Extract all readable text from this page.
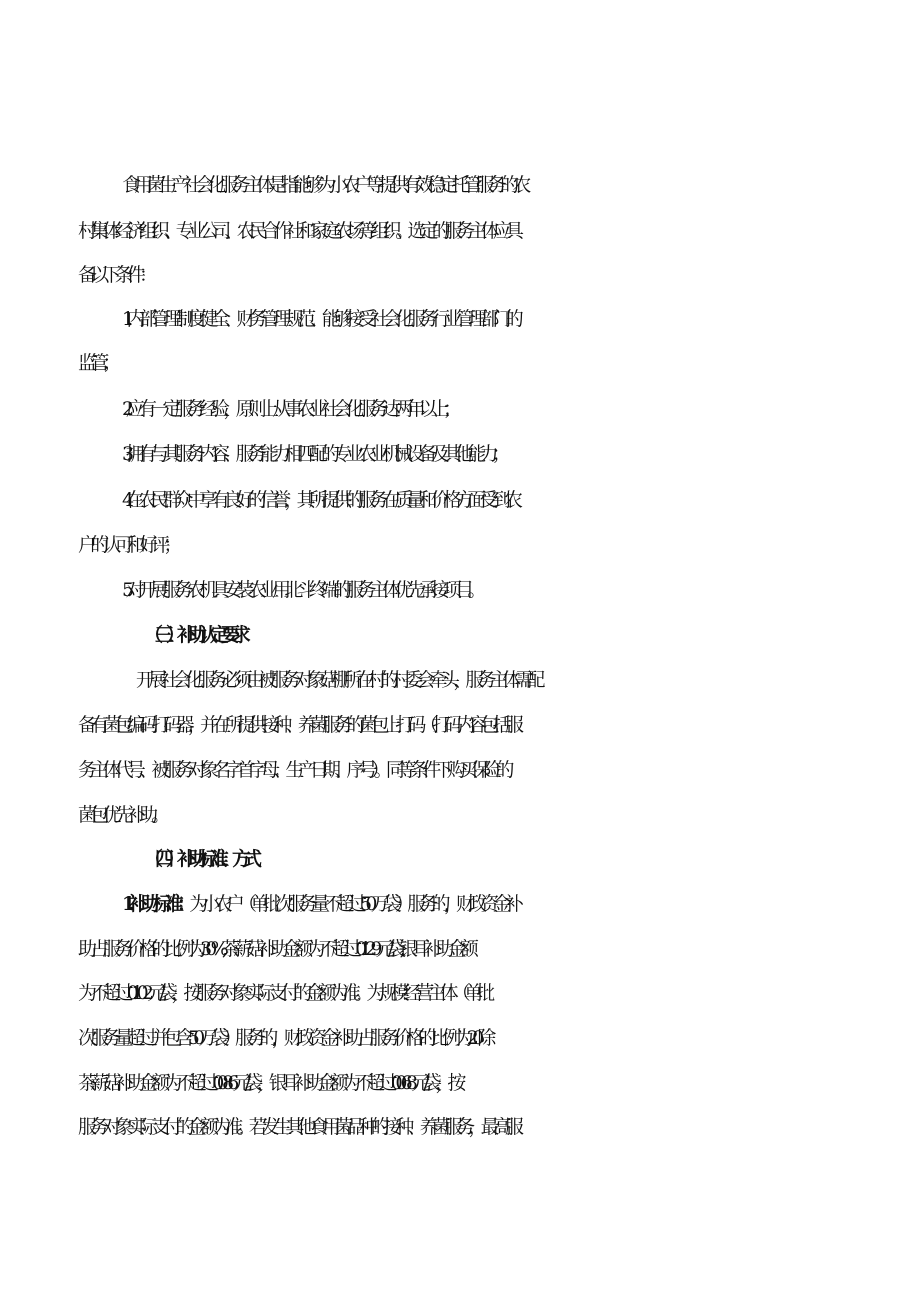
食用菌生产社会化服务主体是指能够为小农户等提供有效稳定托管服务的农
村集体经济组织、专业公司、农民合作社和家庭农场等组织。选定的服务主体应具
备以下条件：
1.内部管理制度健全、财务管理规范、能够接受社会化服务行业管理部门的
监管；
2 .应有一定服务经验，原则上从事农业社会化服务达两年以上；
3 .拥有与其服务内容、服务能力相匹配的专业农业机械设备及其他能力；
4 .在农民群众中享有良好的信誉，其所提供的服务在质量和价格方面受到农
户的认可和好评；
5 .对开展服务农机具安装农业用北斗终端的服务主体优先承接项目。
（三）补助认定要求
开展社会化服务必须由被服务对象菇棚所在村的村委会牵头，服务主体需配
备有菌包编码打码器，并在所提供接种、养菌服务的菌包上打码（打码内容包括服
务主体代号、被服务对象名字首字母、生产日期、序号）。同等条件下购买保险的
菌包优先补助。
（四）补助标准、方式
1.补助标准：为小农户（单批次服务量不超过50万袋）服务的，财政资金补
助占服务价格的比例为30%,茶薪菇补助金额为不超过0.129元/袋,银耳补助金额
为不超过0.102元/袋，按服务对象实际支付的金额为准。为规模经营主体（单批
次服务量超过并包含50万袋）服务的，财政资金补助占服务价格的比例为20除
茶薪菇补助金额为不超过0.086元/袋，银耳补助金额为不超过0.068元/袋，按
服务对象实际支付的金额为准。若发生其他食用菌品种的接种、养菌服务，最高服
